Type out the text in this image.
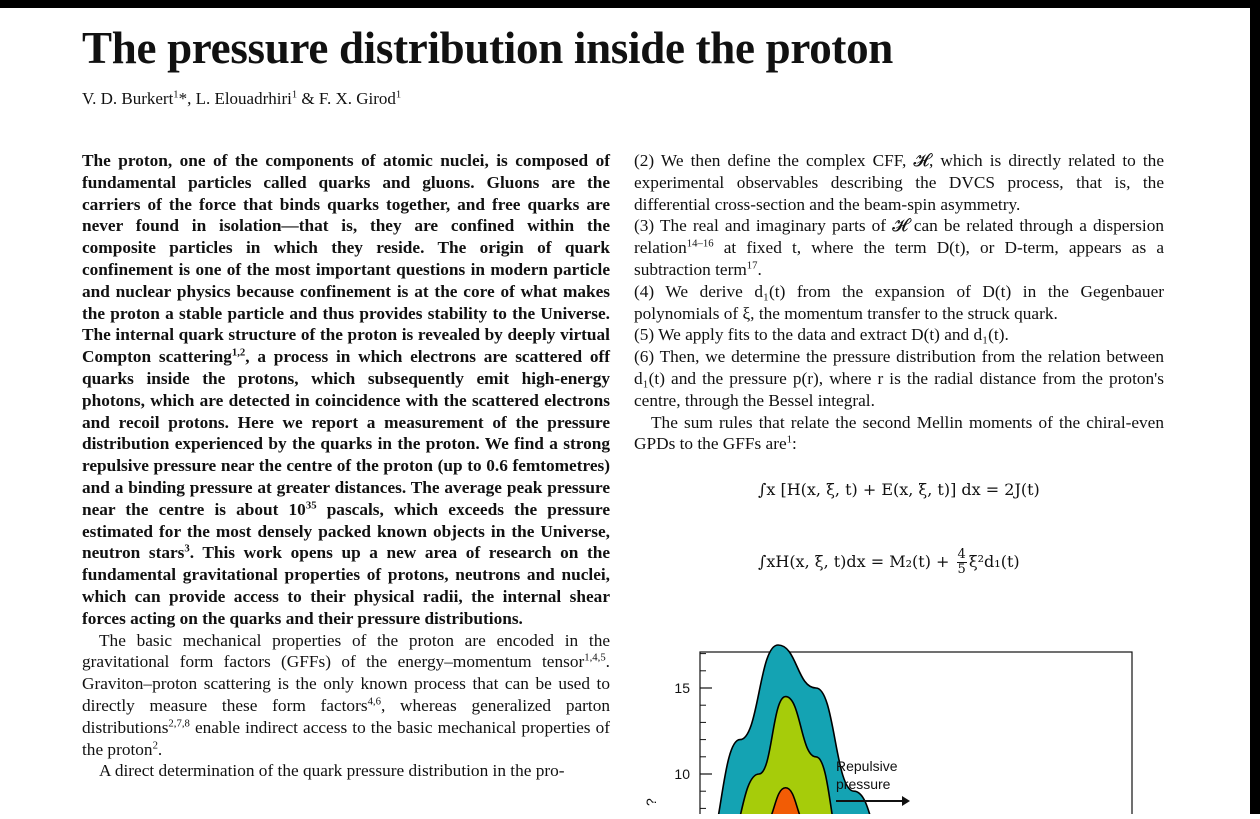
The pressure distribution inside the proton
V. D. Burkert$^1$*, L. Elouadrhiri$^1$ & F. X. Girod$^1$

The proton, one of the components of atomic nuclei, is composed of fundamental particles called quarks and gluons. Gluons are the carriers of the force that binds quarks together, and free quarks are never found in isolation—that is, they are confined within the composite particles in which they reside. The origin of quark confinement is one of the most important questions in modern particle and nuclear physics because confinement is at the core of what makes the proton a stable particle and thus provides stability to the Universe. The internal quark structure of the proton is revealed by deeply virtual Compton scattering$^{1,2}$, a process in which electrons are scattered off quarks inside the protons, which subsequently emit high-energy photons, which are detected in coincidence with the scattered electrons and recoil protons. Here we report a measurement of the pressure distribution experienced by the quarks in the proton. We find a strong repulsive pressure near the centre of the proton (up to 0.6 femtometres) and a binding pressure at greater distances. The average peak pressure near the centre is about $10^{35}$ pascals, which exceeds the pressure estimated for the most densely packed known objects in the Universe, neutron stars$^3$. This work opens up a new area of research on the fundamental gravitational properties of protons, neutrons and nuclei, which can provide access to their physical radii, the internal shear forces acting on the quarks and their pressure distributions.

The basic mechanical properties of the proton are encoded in the gravitational form factors (GFFs) of the energy–momentum tensor$^{1,4,5}$. Graviton–proton scattering is the only known process that can be used to directly measure these form factors$^{4,6}$, whereas generalized parton distributions$^{2,7,8}$ enable indirect access to the basic mechanical properties of the proton$^2$.

A direct determination of the quark pressure distribution in the pro-

(2) We then define the complex CFF, 𝓗, which is directly related to the experimental observables describing the DVCS process, that is, the differential cross-section and the beam-spin asymmetry.

(3) The real and imaginary parts of 𝓗 can be related through a dispersion relation$^{14-16}$ at fixed t, where the term D(t), or D-term, appears as a subtraction term$^{17}$.

(4) We derive d₁(t) from the expansion of D(t) in the Gegenbauer polynomials of ξ, the momentum transfer to the struck quark.

(5) We apply fits to the data and extract D(t) and d₁(t).

(6) Then, we determine the pressure distribution from the relation between d₁(t) and the pressure p(r), where r is the radial distance from the proton's centre, through the Bessel integral.

The sum rules that relate the second Mellin moments of the chiral-even GPDs to the GFFs are$^1$:

∫x [H(x, ξ, t) + E(x, ξ, t)] dx = 2J(t)
∫xH(x, ξ, $t)dx = M_2(t) + \frac{4}{5} \xi^2d_1(t)$
15
10	Repulsive
pressure
?
